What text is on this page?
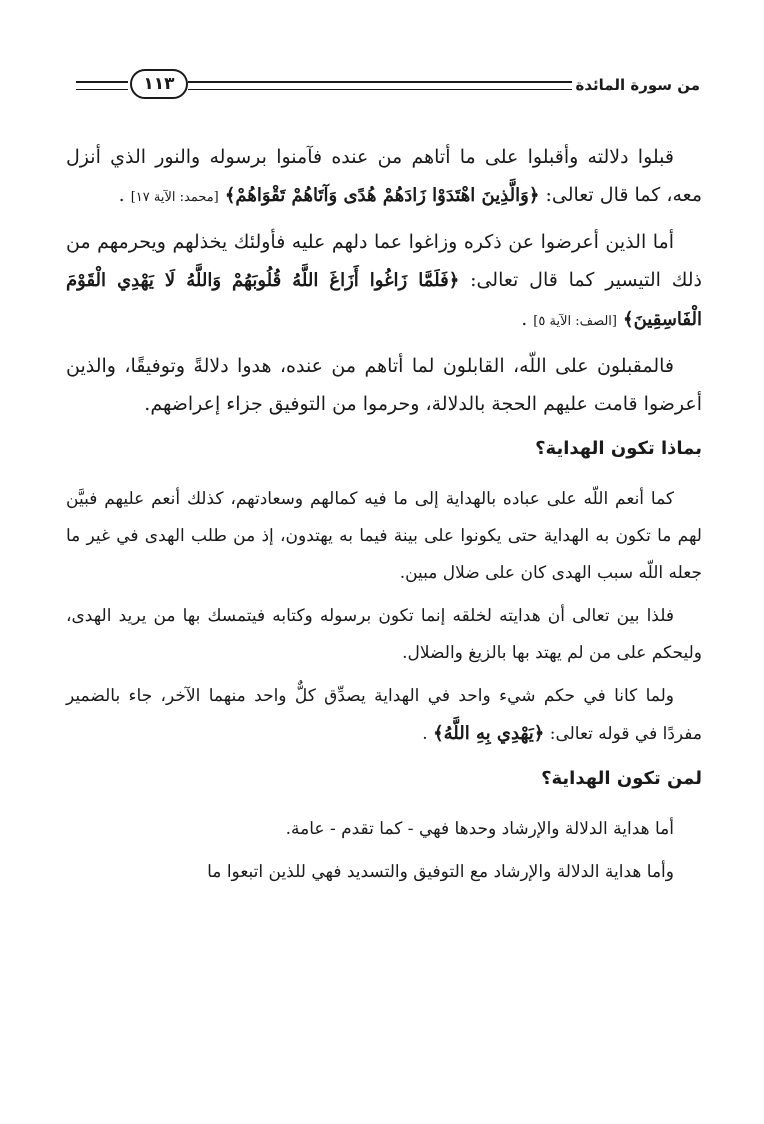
من سورة المائدة
١١٣

قبلوا دلالته وأقبلوا على ما أتاهم من عنده فآمنوا برسوله والنور الذي أنزل معه، كما قال تعالى: ﴿وَالَّذِينَ اهْتَدَوْا زَادَهُمْ هُدًى وَآتَاهُمْ تَقْوَاهُمْ﴾ [محمد: الآية ١٧] .

أما الذين أعرضوا عن ذكره وزاغوا عما دلهم عليه فأولئك يخذلهم ويحرمهم من ذلك التيسير كما قال تعالى: ﴿فَلَمَّا زَاغُوا أَزَاغَ اللَّهُ قُلُوبَهُمْ وَاللَّهُ لَا يَهْدِي الْقَوْمَ الْفَاسِقِينَ﴾ [الصف: الآية ٥] .

فالمقبلون على اللّه، القابلون لما أتاهم من عنده، هدوا دلالةً وتوفيقًا، والذين أعرضوا قامت عليهم الحجة بالدلالة، وحرموا من التوفيق جزاء إعراضهم.

بماذا تكون الهداية؟

كما أنعم اللّه على عباده بالهداية إلى ما فيه كمالهم وسعادتهم، كذلك أنعم عليهم فبيَّن لهم ما تكون به الهداية حتى يكونوا على بينة فيما به يهتدون، إذ من طلب الهدى في غير ما جعله اللّه سبب الهدى كان على ضلال مبين.

فلذا بين تعالى أن هدايته لخلقه إنما تكون برسوله وكتابه فيتمسك بها من يريد الهدى، وليحكم على من لم يهتد بها بالزيغ والضلال.

ولما كانا في حكم شيء واحد في الهداية يصدِّق كلٌّ واحد منهما الآخر، جاء بالضمير مفردًا في قوله تعالى: ﴿يَهْدِي بِهِ اللَّهُ﴾ .

لمن تكون الهداية؟

أما هداية الدلالة والإرشاد وحدها فهي - كما تقدم - عامة.

وأما هداية الدلالة والإرشاد مع التوفيق والتسديد فهي للذين اتبعوا ما
